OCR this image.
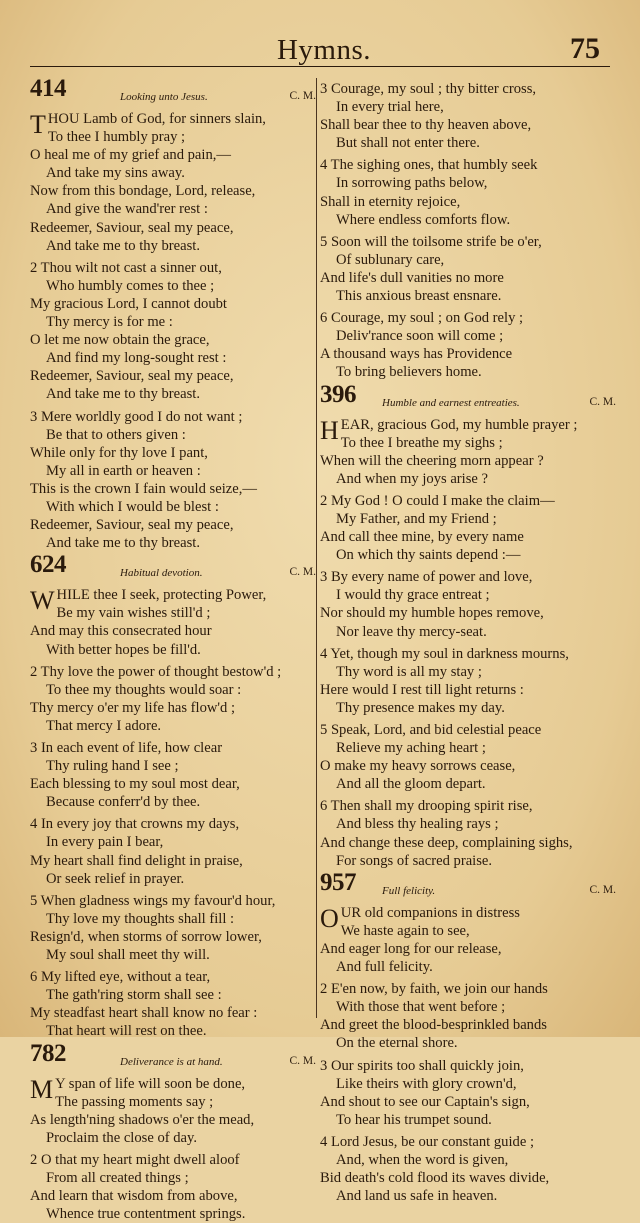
Hymns.	75
414	Looking unto Jesus.	C. M.
THOU Lamb of God, for sinners slain,
To thee I humbly pray ;
O heal me of my grief and pain,—
And take my sins away.
Now from this bondage, Lord, release,
And give the wand'rer rest :
Redeemer, Saviour, seal my peace,
And take me to thy breast.
2 Thou wilt not cast a sinner out,
Who humbly comes to thee ;
My gracious Lord, I cannot doubt
Thy mercy is for me :
O let me now obtain the grace,
And find my long-sought rest :
Redeemer, Saviour, seal my peace,
And take me to thy breast.
3 Mere worldly good I do not want ;
Be that to others given :
While only for thy love I pant,
My all in earth or heaven :
This is the crown I fain would seize,—
With which I would be blest :
Redeemer, Saviour, seal my peace,
And take me to thy breast.
624	Habitual devotion.	C. M.
WHILE thee I seek, protecting Power,
Be my vain wishes still'd ;
And may this consecrated hour
With better hopes be fill'd.
2 Thy love the power of thought bestow'd ;
To thee my thoughts would soar :
Thy mercy o'er my life has flow'd ;
That mercy I adore.
3 In each event of life, how clear
Thy ruling hand I see ;
Each blessing to my soul most dear,
Because conferr'd by thee.
4 In every joy that crowns my days,
In every pain I bear,
My heart shall find delight in praise,
Or seek relief in prayer.
5 When gladness wings my favour'd hour,
Thy love my thoughts shall fill :
Resign'd, when storms of sorrow lower,
My soul shall meet thy will.
6 My lifted eye, without a tear,
The gath'ring storm shall see :
My steadfast heart shall know no fear :
That heart will rest on thee.
782	Deliverance is at hand.	C. M.
M Y span of life will soon be done,
The passing moments say ;
As length'ning shadows o'er the mead,
Proclaim the close of day.
2 O that my heart might dwell aloof
From all created things ;
And learn that wisdom from above,
Whence true contentment springs.
3 Courage, my soul ; thy bitter cross,
In every trial here,
Shall bear thee to thy heaven above,
But shall not enter there.
4 The sighing ones, that humbly seek
In sorrowing paths below,
Shall in eternity rejoice,
Where endless comforts flow.
5 Soon will the toilsome strife be o'er,
Of sublunary care,
And life's dull vanities no more
This anxious breast ensnare.
6 Courage, my soul ; on God rely ;
Deliv'rance soon will come ;
A thousand ways has Providence
To bring believers home.
396 Humble and earnest entreaties.	C. M.
HEAR, gracious God, my humble prayer ;
To thee I breathe my sighs ;
When will the cheering morn appear ?
And when my joys arise ?
2 My God ! O could I make the claim—
My Father, and my Friend ;
And call thee mine, by every name
On which thy saints depend :—
3 By every name of power and love,
I would thy grace entreat ;
Nor should my humble hopes remove,
Nor leave thy mercy-seat.
4 Yet, though my soul in darkness mourns,
Thy word is all my stay ;
Here would I rest till light returns :
Thy presence makes my day.
5 Speak, Lord, and bid celestial peace
Relieve my aching heart ;
O make my heavy sorrows cease,
And all the gloom depart.
6 Then shall my drooping spirit rise,
And bless thy healing rays ;
And change these deep, complaining sighs,
For songs of sacred praise.
957 Full felicity.	C. M.
OUR old companions in distress
We haste again to see,
And eager long for our release,
And full felicity.
2 E'en now, by faith, we join our hands
With those that went before ;
And greet the blood-besprinkled bands
On the eternal shore.
3 Our spirits too shall quickly join,
Like theirs with glory crown'd,
And shout to see our Captain's sign,
To hear his trumpet sound.
4 Lord Jesus, be our constant guide ;
And, when the word is given,
Bid death's cold flood its waves divide,
And land us safe in heaven.
